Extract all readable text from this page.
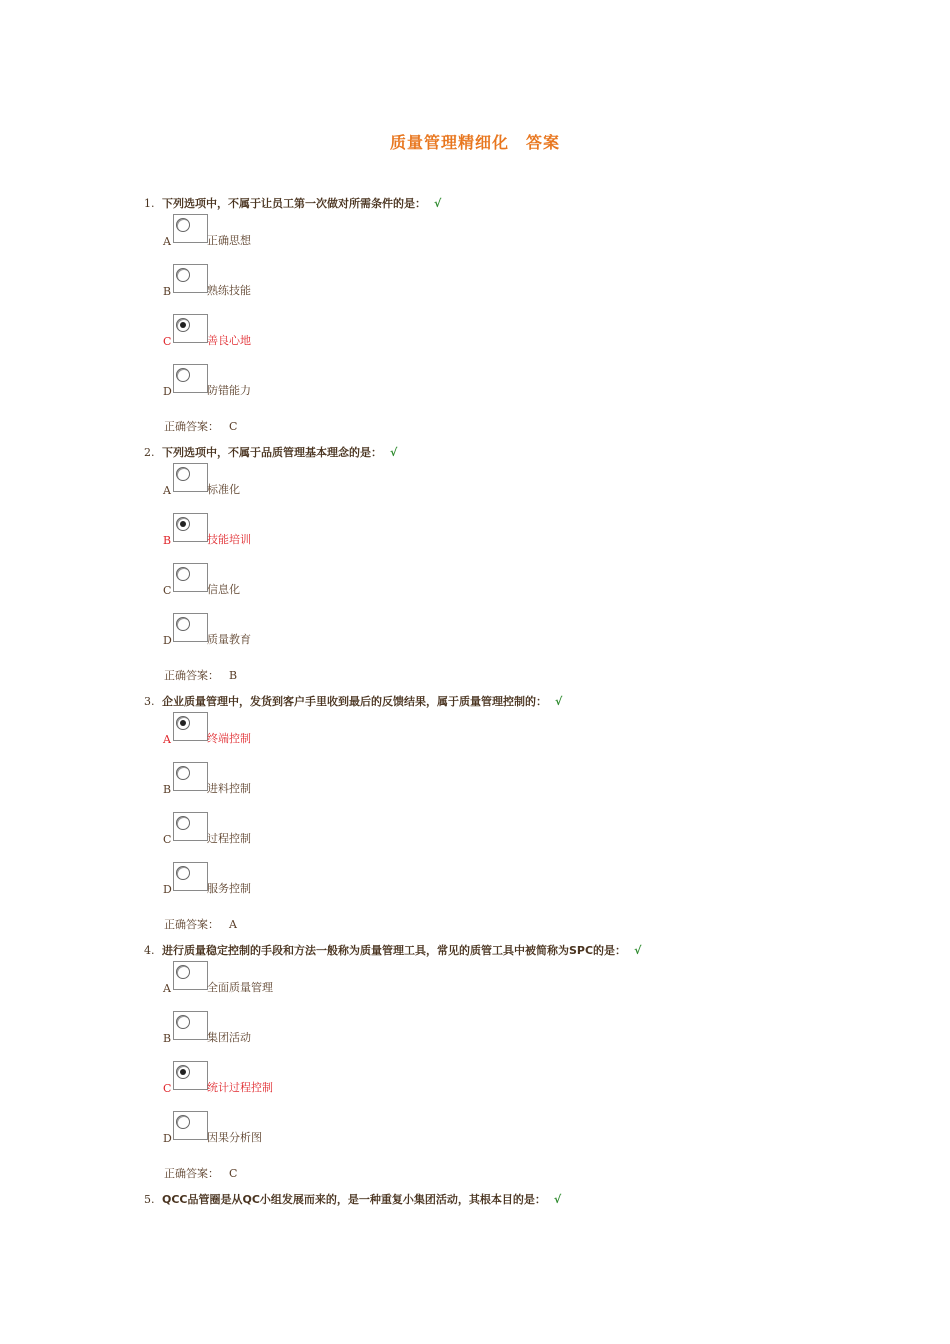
质量管理精细化　答案
1. 下列选项中，不属于让员工第一次做对所需条件的是： √
A	正确思想
B	熟练技能
C	善良心地
D	防错能力
正确答案： C
2. 下列选项中，不属于品质管理基本理念的是： √
A	标准化
B	技能培训
C	信息化
D	质量教育
正确答案： B
3. 企业质量管理中，发货到客户手里收到最后的反馈结果，属于质量管理控制的： √
A	终端控制
B	进料控制
C	过程控制
D	服务控制
正确答案： A
4. 进行质量稳定控制的手段和方法一般称为质量管理工具，常见的质管工具中被简称为SPC的是： √
A	全面质量管理
B	集团活动
C	统计过程控制
D	因果分析图
正确答案： C
5. QCC品管圈是从QC小组发展而来的，是一种重复小集团活动，其根本目的是： √
